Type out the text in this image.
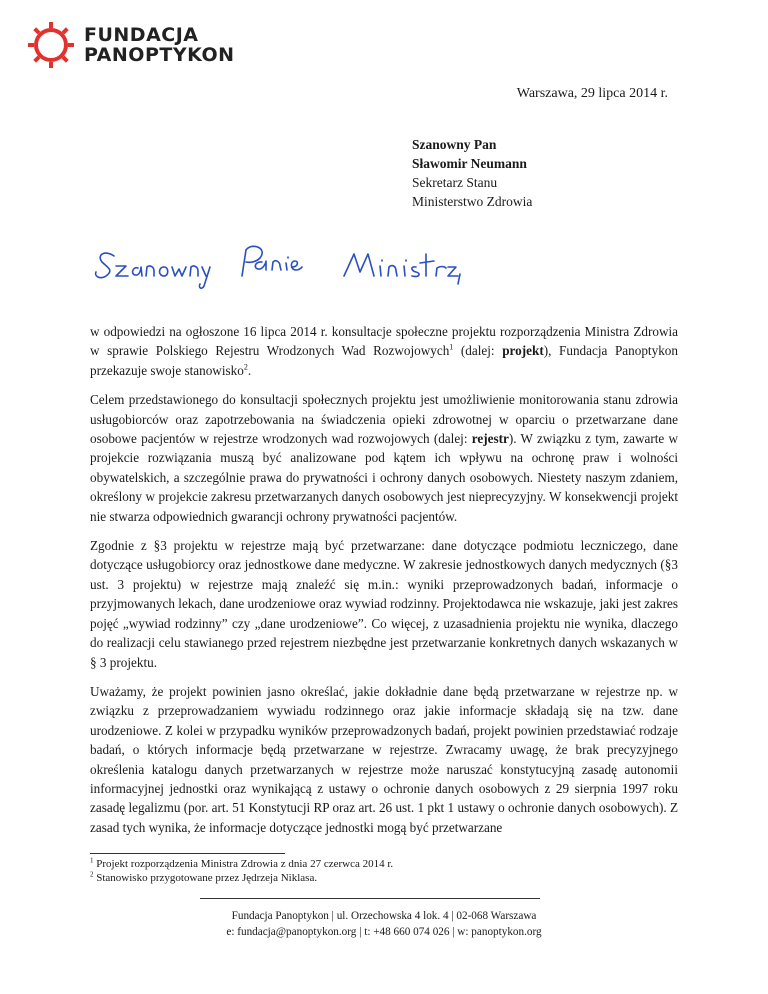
FUNDACJA
PANOPTYKON
Warszawa, 29 lipca 2014 r.
Szanowny Pan
Sławomir Neumann
Sekretarz Stanu
Ministerstwo Zdrowia

w odpowiedzi na ogłoszone 16 lipca 2014 r. konsultacje społeczne projektu rozporządzenia Ministra Zdrowia w sprawie Polskiego Rejestru Wrodzonych Wad Rozwojowych$^1$ (dalej: projekt), Fundacja Panoptykon przekazuje swoje stanowisko$^2$.

Celem przedstawionego do konsultacji społecznych projektu jest umożliwienie monitorowania stanu zdrowia usługobiorców oraz zapotrzebowania na świadczenia opieki zdrowotnej w oparciu o przetwarzane dane osobowe pacjentów w rejestrze wrodzonych wad rozwojowych (dalej: rejestr). W związku z tym, zawarte w projekcie rozwiązania muszą być analizowane pod kątem ich wpływu na ochronę praw i wolności obywatelskich, a szczególnie prawa do prywatności i ochrony danych osobowych. Niestety naszym zdaniem, określony w projekcie zakresu przetwarzanych danych osobowych jest nieprecyzyjny. W konsekwencji projekt nie stwarza odpowiednich gwarancji ochrony prywatności pacjentów.

Zgodnie z §3 projektu w rejestrze mają być przetwarzane: dane dotyczące podmiotu leczniczego, dane dotyczące usługobiorcy oraz jednostkowe dane medyczne. W zakresie jednostkowych danych medycznych (§3 ust. 3 projektu) w rejestrze mają znaleźć się m.in.: wyniki przeprowadzonych badań, informacje o przyjmowanych lekach, dane urodzeniowe oraz wywiad rodzinny. Projektodawca nie wskazuje, jaki jest zakres pojęć „wywiad rodzinny” czy „dane urodzeniowe”. Co więcej, z uzasadnienia projektu nie wynika, dlaczego do realizacji celu stawianego przed rejestrem niezbędne jest przetwarzanie konkretnych danych wskazanych w § 3 projektu.

Uważamy, że projekt powinien jasno określać, jakie dokładnie dane będą przetwarzane w rejestrze np. w związku z przeprowadzaniem wywiadu rodzinnego oraz jakie informacje składają się na tzw. dane urodzeniowe. Z kolei w przypadku wyników przeprowadzonych badań, projekt powinien przedstawiać rodzaje badań, o których informacje będą przetwarzane w rejestrze. Zwracamy uwagę, że brak precyzyjnego określenia katalogu danych przetwarzanych w rejestrze może naruszać konstytucyjną zasadę autonomii informacyjnej jednostki oraz wynikającą z ustawy o ochronie danych osobowych z 29 sierpnia 1997 roku zasadę legalizmu (por. art. 51 Konstytucji RP oraz art. 26 ust. 1 pkt 1 ustawy o ochronie danych osobowych). Z zasad tych wynika, że informacje dotyczące jednostki mogą być przetwarzane

$^1$ Projekt rozporządzenia Ministra Zdrowia z dnia 27 czerwca 2014 r.
$^2$ Stanowisko przygotowane przez Jędrzeja Niklasa.
Fundacja Panoptykon | ul. Orzechowska 4 lok. 4 | 02-068 Warszawa
e: fundacja@panoptykon.org | t: +48 660 074 026 | w: panoptykon.org
